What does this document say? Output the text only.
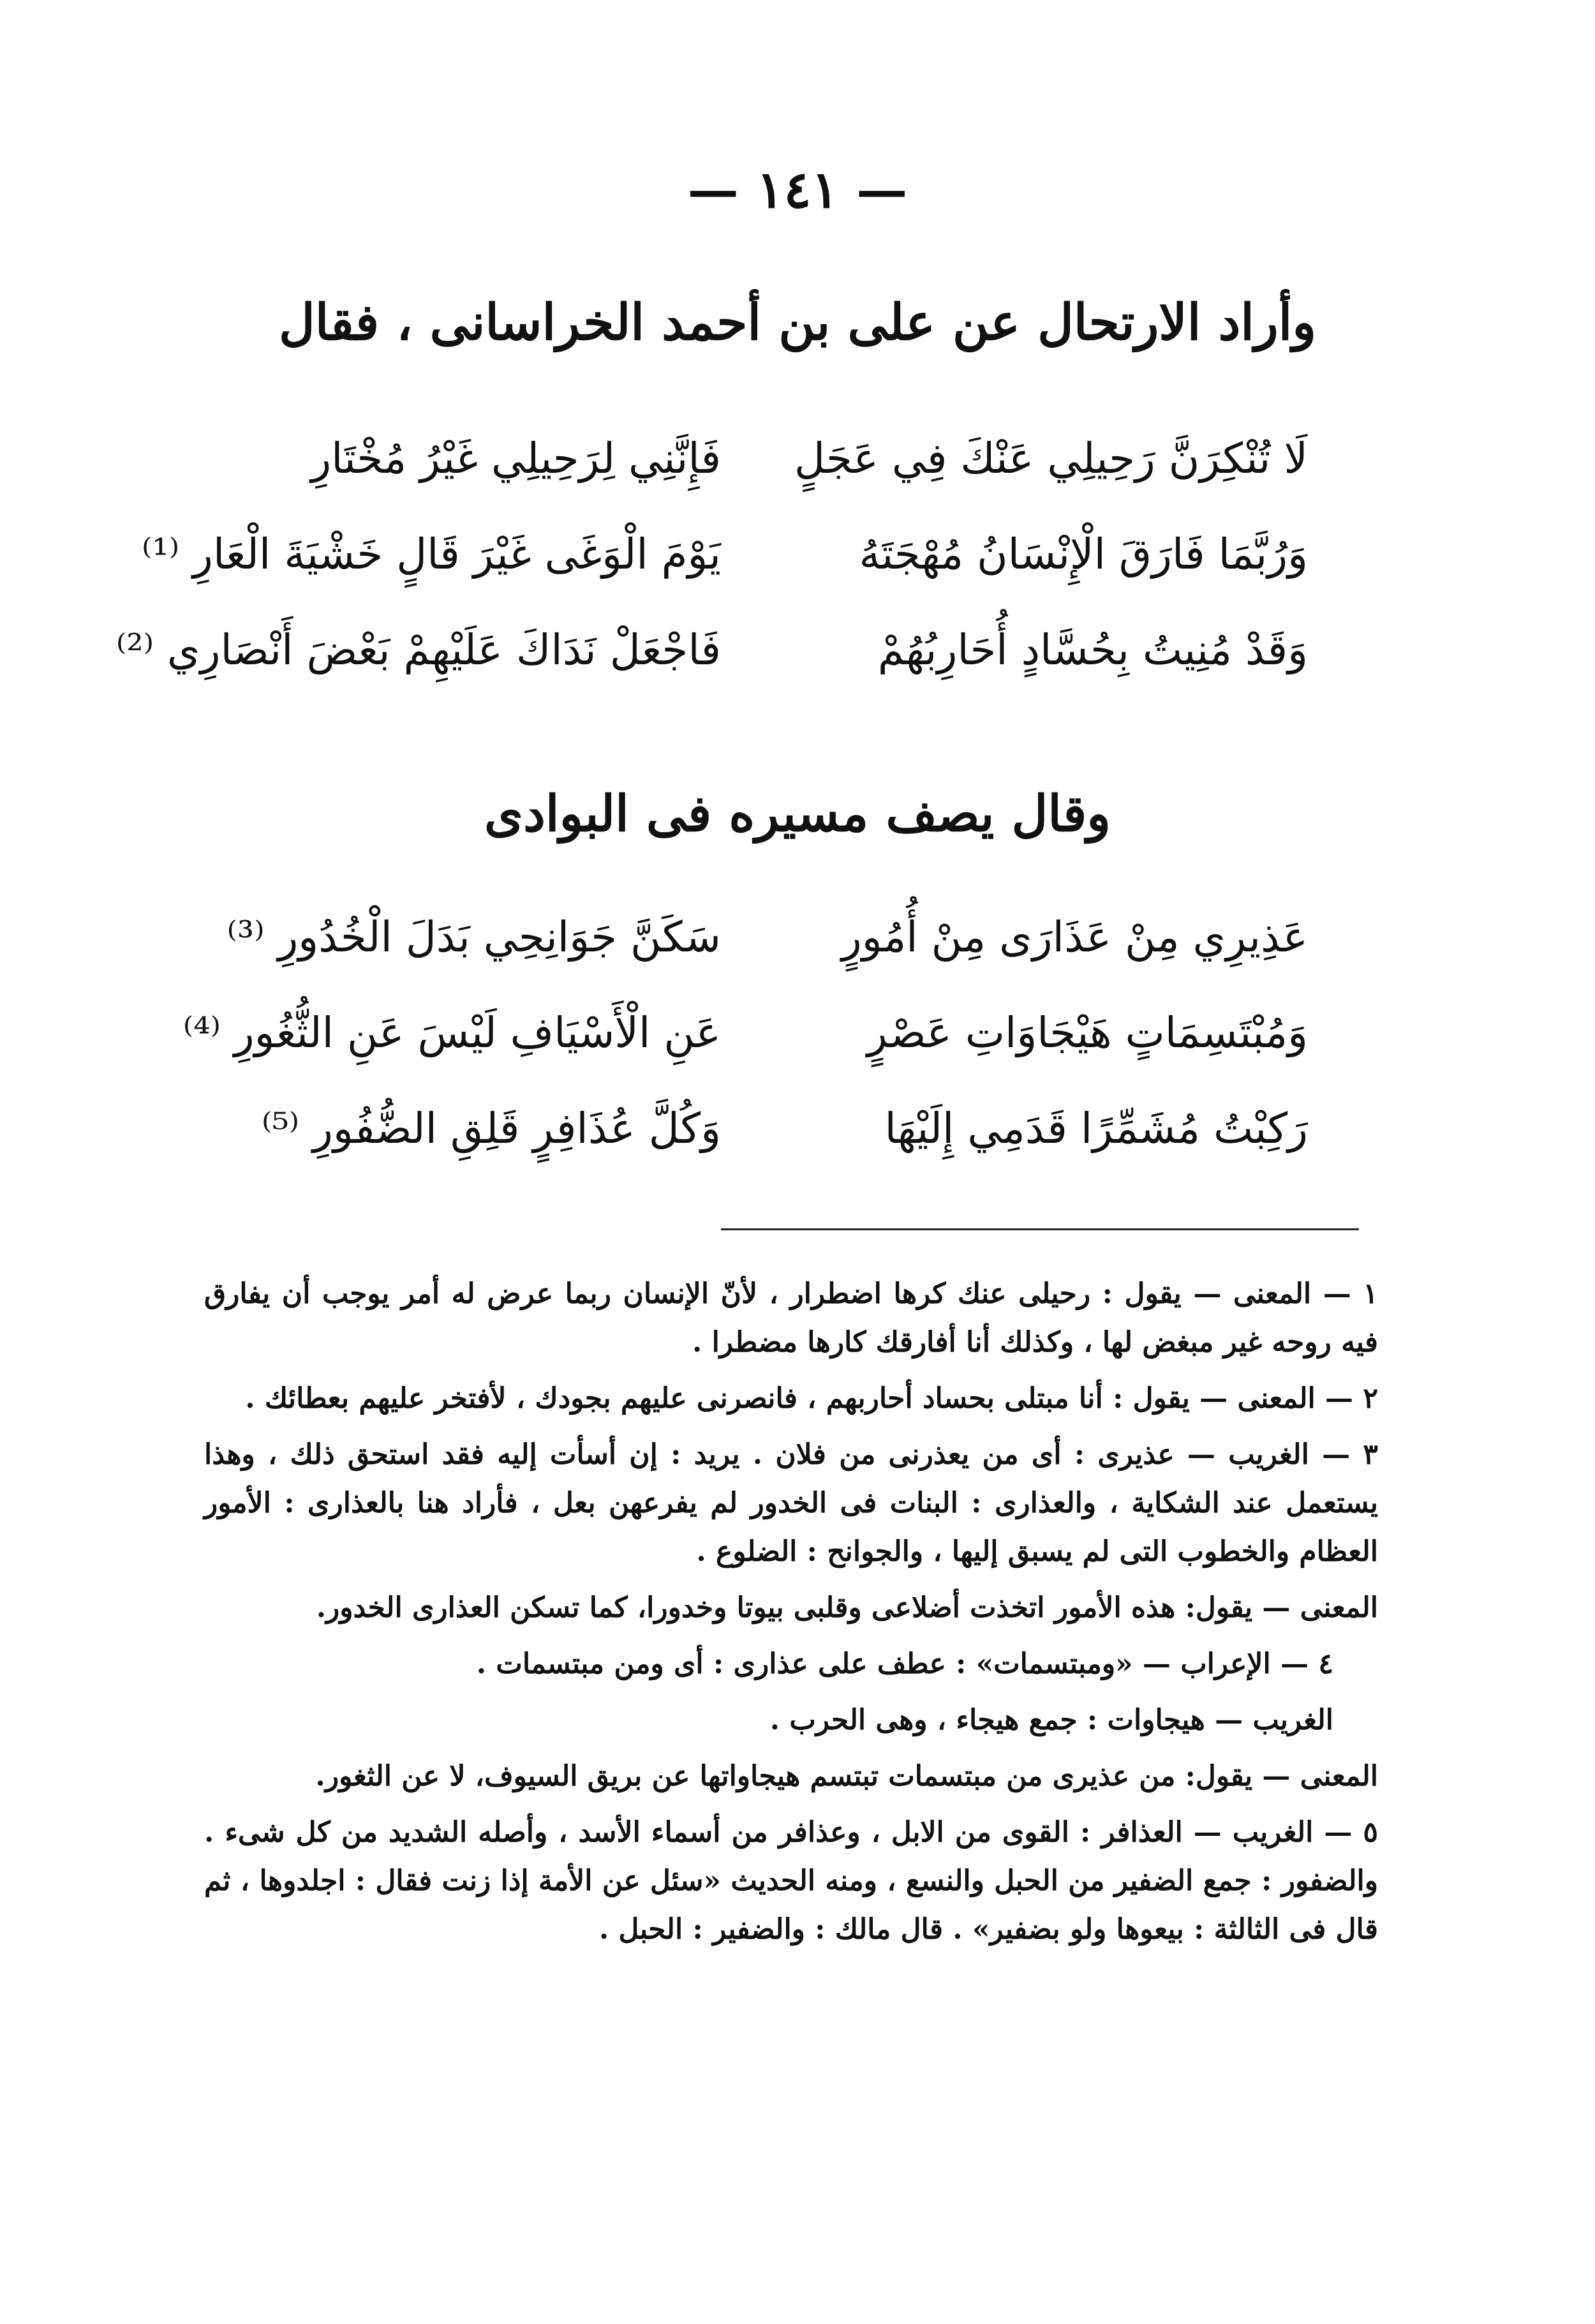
— ١٤١ —
وأراد الارتحال عن على بن أحمد الخراسانى ، فقال
لَا تُنْكِرَنَّ رَحِيلِي عَنْكَ فِي عَجَلٍ
فَإِنَّنِي لِرَحِيلِي غَيْرُ مُخْتَارِ
وَرُبَّمَا فَارَقَ الْإِنْسَانُ مُهْجَتَهُ
يَوْمَ الْوَغَى غَيْرَ قَالٍ خَشْيَةَ الْعَارِ ⁽¹⁾
وَقَدْ مُنِيتُ بِحُسَّادٍ أُحَارِبُهُمْ
فَاجْعَلْ نَدَاكَ عَلَيْهِمْ بَعْضَ أَنْصَارِي ⁽²⁾
وقال يصف مسيره فى البوادى
عَذِيرِي مِنْ عَذَارَى مِنْ أُمُورٍ
سَكَنَّ جَوَانِحِي بَدَلَ الْخُدُورِ ⁽³⁾
وَمُبْتَسِمَاتٍ هَيْجَاوَاتِ عَصْرٍ
عَنِ الْأَسْيَافِ لَيْسَ عَنِ الثُّغُورِ ⁽⁴⁾
رَكِبْتُ مُشَمِّرًا قَدَمِي إِلَيْهَا
وَكُلَّ عُذَافِرٍ قَلِقِ الضُّفُورِ ⁽⁵⁾

١ — المعنى — يقول : رحيلى عنك كرها اضطرار ، لأنّ الإنسان ربما عرض له أمر يوجب أن يفارق فيه روحه غير مبغض لها ، وكذلك أنا أفارقك كارها مضطرا .

٢ — المعنى — يقول : أنا مبتلى بحساد أحاربهم ، فانصرنى عليهم بجودك ، لأفتخر عليهم بعطائك .

٣ — الغريب — عذيرى : أى من يعذرنى من فلان . يريد : إن أسأت إليه فقد استحق ذلك ، وهذا يستعمل عند الشكاية ، والعذارى : البنات فى الخدور لم يفرعهن بعل ، فأراد هنا بالعذارى : الأمور العظام والخطوب التى لم يسبق إليها ، والجوانح : الضلوع .

المعنى — يقول: هذه الأمور اتخذت أضلاعى وقلبى بيوتا وخدورا، كما تسكن العذارى الخدور.

٤ — الإعراب — «ومبتسمات» : عطف على عذارى : أى ومن مبتسمات .

الغريب — هيجاوات : جمع هيجاء ، وهى الحرب .

المعنى — يقول: من عذيرى من مبتسمات تبتسم هيجاواتها عن بريق السيوف، لا عن الثغور.

٥ — الغريب — العذافر : القوى من الابل ، وعذافر من أسماء الأسد ، وأصله الشديد من كل شىء . والضفور : جمع الضفير من الحبل والنسع ، ومنه الحديث «سئل عن الأمة إذا زنت فقال : اجلدوها ، ثم قال فى الثالثة : بيعوها ولو بضفير» . قال مالك : والضفير : الحبل .
